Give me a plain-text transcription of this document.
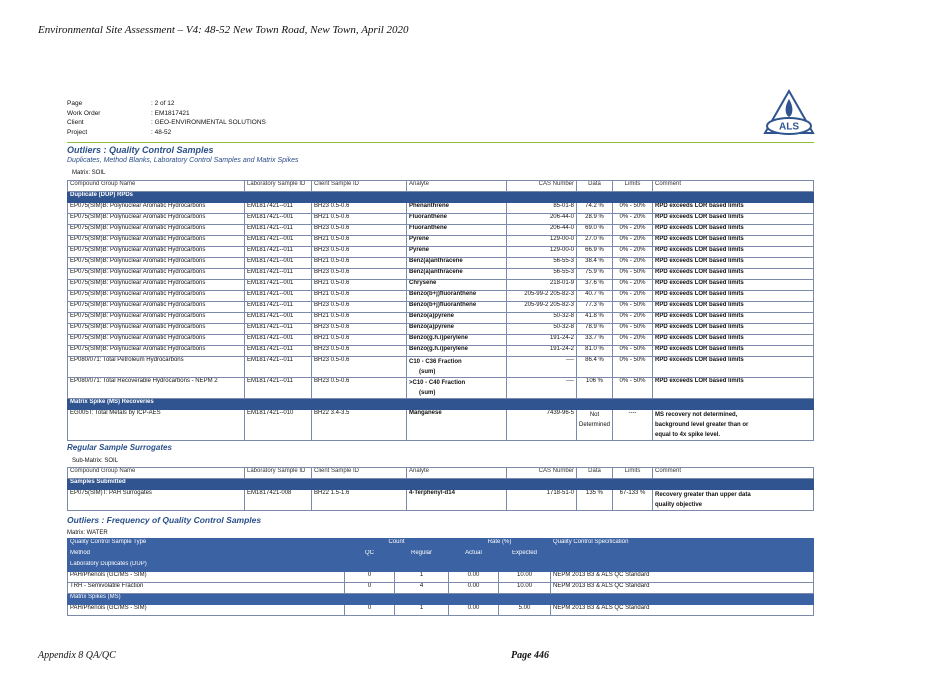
Environmental Site Assessment – V4: 48-52 New Town Road, New Town, April 2020
Page	: 2 of 12
Work Order	: EM1817421
Client	: GEO-ENVIRONMENTAL SOLUTIONS
Project	: 48-52	ALS
Outliers : Quality Control Samples
Duplicates, Method Blanks, Laboratory Control Samples and Matrix Spikes
Matrix: SOIL
Compound Group Name	Laboratory Sample ID	Client Sample ID	Analyte	CAS Number	Data	Limits	Comment
Duplicate (DUP) RPDs							
EP075(SIM)B: Polynuclear Aromatic Hydrocarbons	EM1817421--011	BH23 0.5-0.6	Phenanthrene	85-01-8	74.2 %	0% - 50%	RPD exceeds LOR based limits
EP075(SIM)B: Polynuclear Aromatic Hydrocarbons	EM1817421--001	BH21 0.5-0.6	Fluoranthene	206-44-0	28.9 %	0% - 20%	RPD exceeds LOR based limits
EP075(SIM)B: Polynuclear Aromatic Hydrocarbons	EM1817421--011	BH23 0.5-0.6	Fluoranthene	206-44-0	69.0 %	0% - 20%	RPD exceeds LOR based limits
EP075(SIM)B: Polynuclear Aromatic Hydrocarbons	EM1817421--001	BH21 0.5-0.6	Pyrene	129-00-0	27.0 %	0% - 20%	RPD exceeds LOR based limits
EP075(SIM)B: Polynuclear Aromatic Hydrocarbons	EM1817421--011	BH23 0.5-0.6	Pyrene	129-00-0	66.9 %	0% - 20%	RPD exceeds LOR based limits
EP075(SIM)B: Polynuclear Aromatic Hydrocarbons	EM1817421--001	BH21 0.5-0.6	Benz(a)anthracene	56-55-3	38.4 %	0% - 20%	RPD exceeds LOR based limits
EP075(SIM)B: Polynuclear Aromatic Hydrocarbons	EM1817421--011	BH23 0.5-0.6	Benz(a)anthracene	56-55-3	75.9 %	0% - 50%	RPD exceeds LOR based limits
EP075(SIM)B: Polynuclear Aromatic Hydrocarbons	EM1817421--001	BH21 0.5-0.6	Chrysene	218-01-9	37.6 %	0% - 20%	RPD exceeds LOR based limits
EP075(SIM)B: Polynuclear Aromatic Hydrocarbons	EM1817421--001	BH21 0.5-0.6	Benzo(b+j)fluoranthene	205-99-2 205-82-3	40.7 %	0% - 20%	RPD exceeds LOR based limits
EP075(SIM)B: Polynuclear Aromatic Hydrocarbons	EM1817421--011	BH23 0.5-0.6	Benzo(b+j)fluoranthene	205-99-2 205-82-3	77.3 %	0% - 50%	RPD exceeds LOR based limits
EP075(SIM)B: Polynuclear Aromatic Hydrocarbons	EM1817421--001	BH21 0.5-0.6	Benzo(a)pyrene	50-32-8	41.8 %	0% - 20%	RPD exceeds LOR based limits
EP075(SIM)B: Polynuclear Aromatic Hydrocarbons	EM1817421--011	BH23 0.5-0.6	Benzo(a)pyrene	50-32-8	78.9 %	0% - 50%	RPD exceeds LOR based limits
EP075(SIM)B: Polynuclear Aromatic Hydrocarbons	EM1817421--001	BH21 0.5-0.6	Benzo(g.h.i)perylene	191-24-2	33.7 %	0% - 20%	RPD exceeds LOR based limits
EP075(SIM)B: Polynuclear Aromatic Hydrocarbons	EM1817421--011	BH23 0.5-0.6	Benzo(g.h.i)perylene	191-24-2	81.0 %	0% - 50%	RPD exceeds LOR based limits
EP080/071: Total Petroleum Hydrocarbons	EM1817421--011	BH23 0.5-0.6	C10 - C36 Fraction
(sum)	----	86.4 %	0% - 50%	RPD exceeds LOR based limits
EP080/071: Total Recoverable Hydrocarbons - NEPM 2	EM1817421--011	BH23 0.5-0.6	>C10 - C40 Fraction
(sum)	----	106 %	0% - 50%	RPD exceeds LOR based limits
Matrix Spike (MS) Recoveries							
EG005T: Total Metals by ICP-AES	EM1817421--010	BH22 3.4-3.5	Manganese	7439-96-5	Not
Determined	----	MS recovery not determined,
background level greater than or
equal to 4x spike level.
Regular Sample Surrogates
Sub-Matrix: SOIL
Compound Group Name	Laboratory Sample ID	Client Sample ID	Analyte	CAS Number	Data	Limits	Comment
Samples Submitted							
EP075(SIM)T: PAH Surrogates	EM1817421-008	BH22 1.5-1.6	4-Terphenyl-d14	1718-51-0	135 %	67-133 %	Recovery greater than upper data
quality objective
Outliers : Frequency of Quality Control Samples
Matrix: WATER
Quality Control Sample Type	Count		Rate (%)		Quality Control Specification
Method	QC	Regular	Actual	Expected	
Laboratory Duplicates (DUP)					
PAH/Phenols (GC/MS - SIM)	0	1	0.00	10.00	NEPM 2013 B3 & ALS QC Standard
TRH - Semivolatile Fraction	0	4	0.00	10.00	NEPM 2013 B3 & ALS QC Standard
Matrix Spikes (MS)					
PAH/Phenols (GC/MS - SIM)	0	1	0.00	5.00	NEPM 2013 B3 & ALS QC Standard
Appendix 8 QA/QC	Page 446
